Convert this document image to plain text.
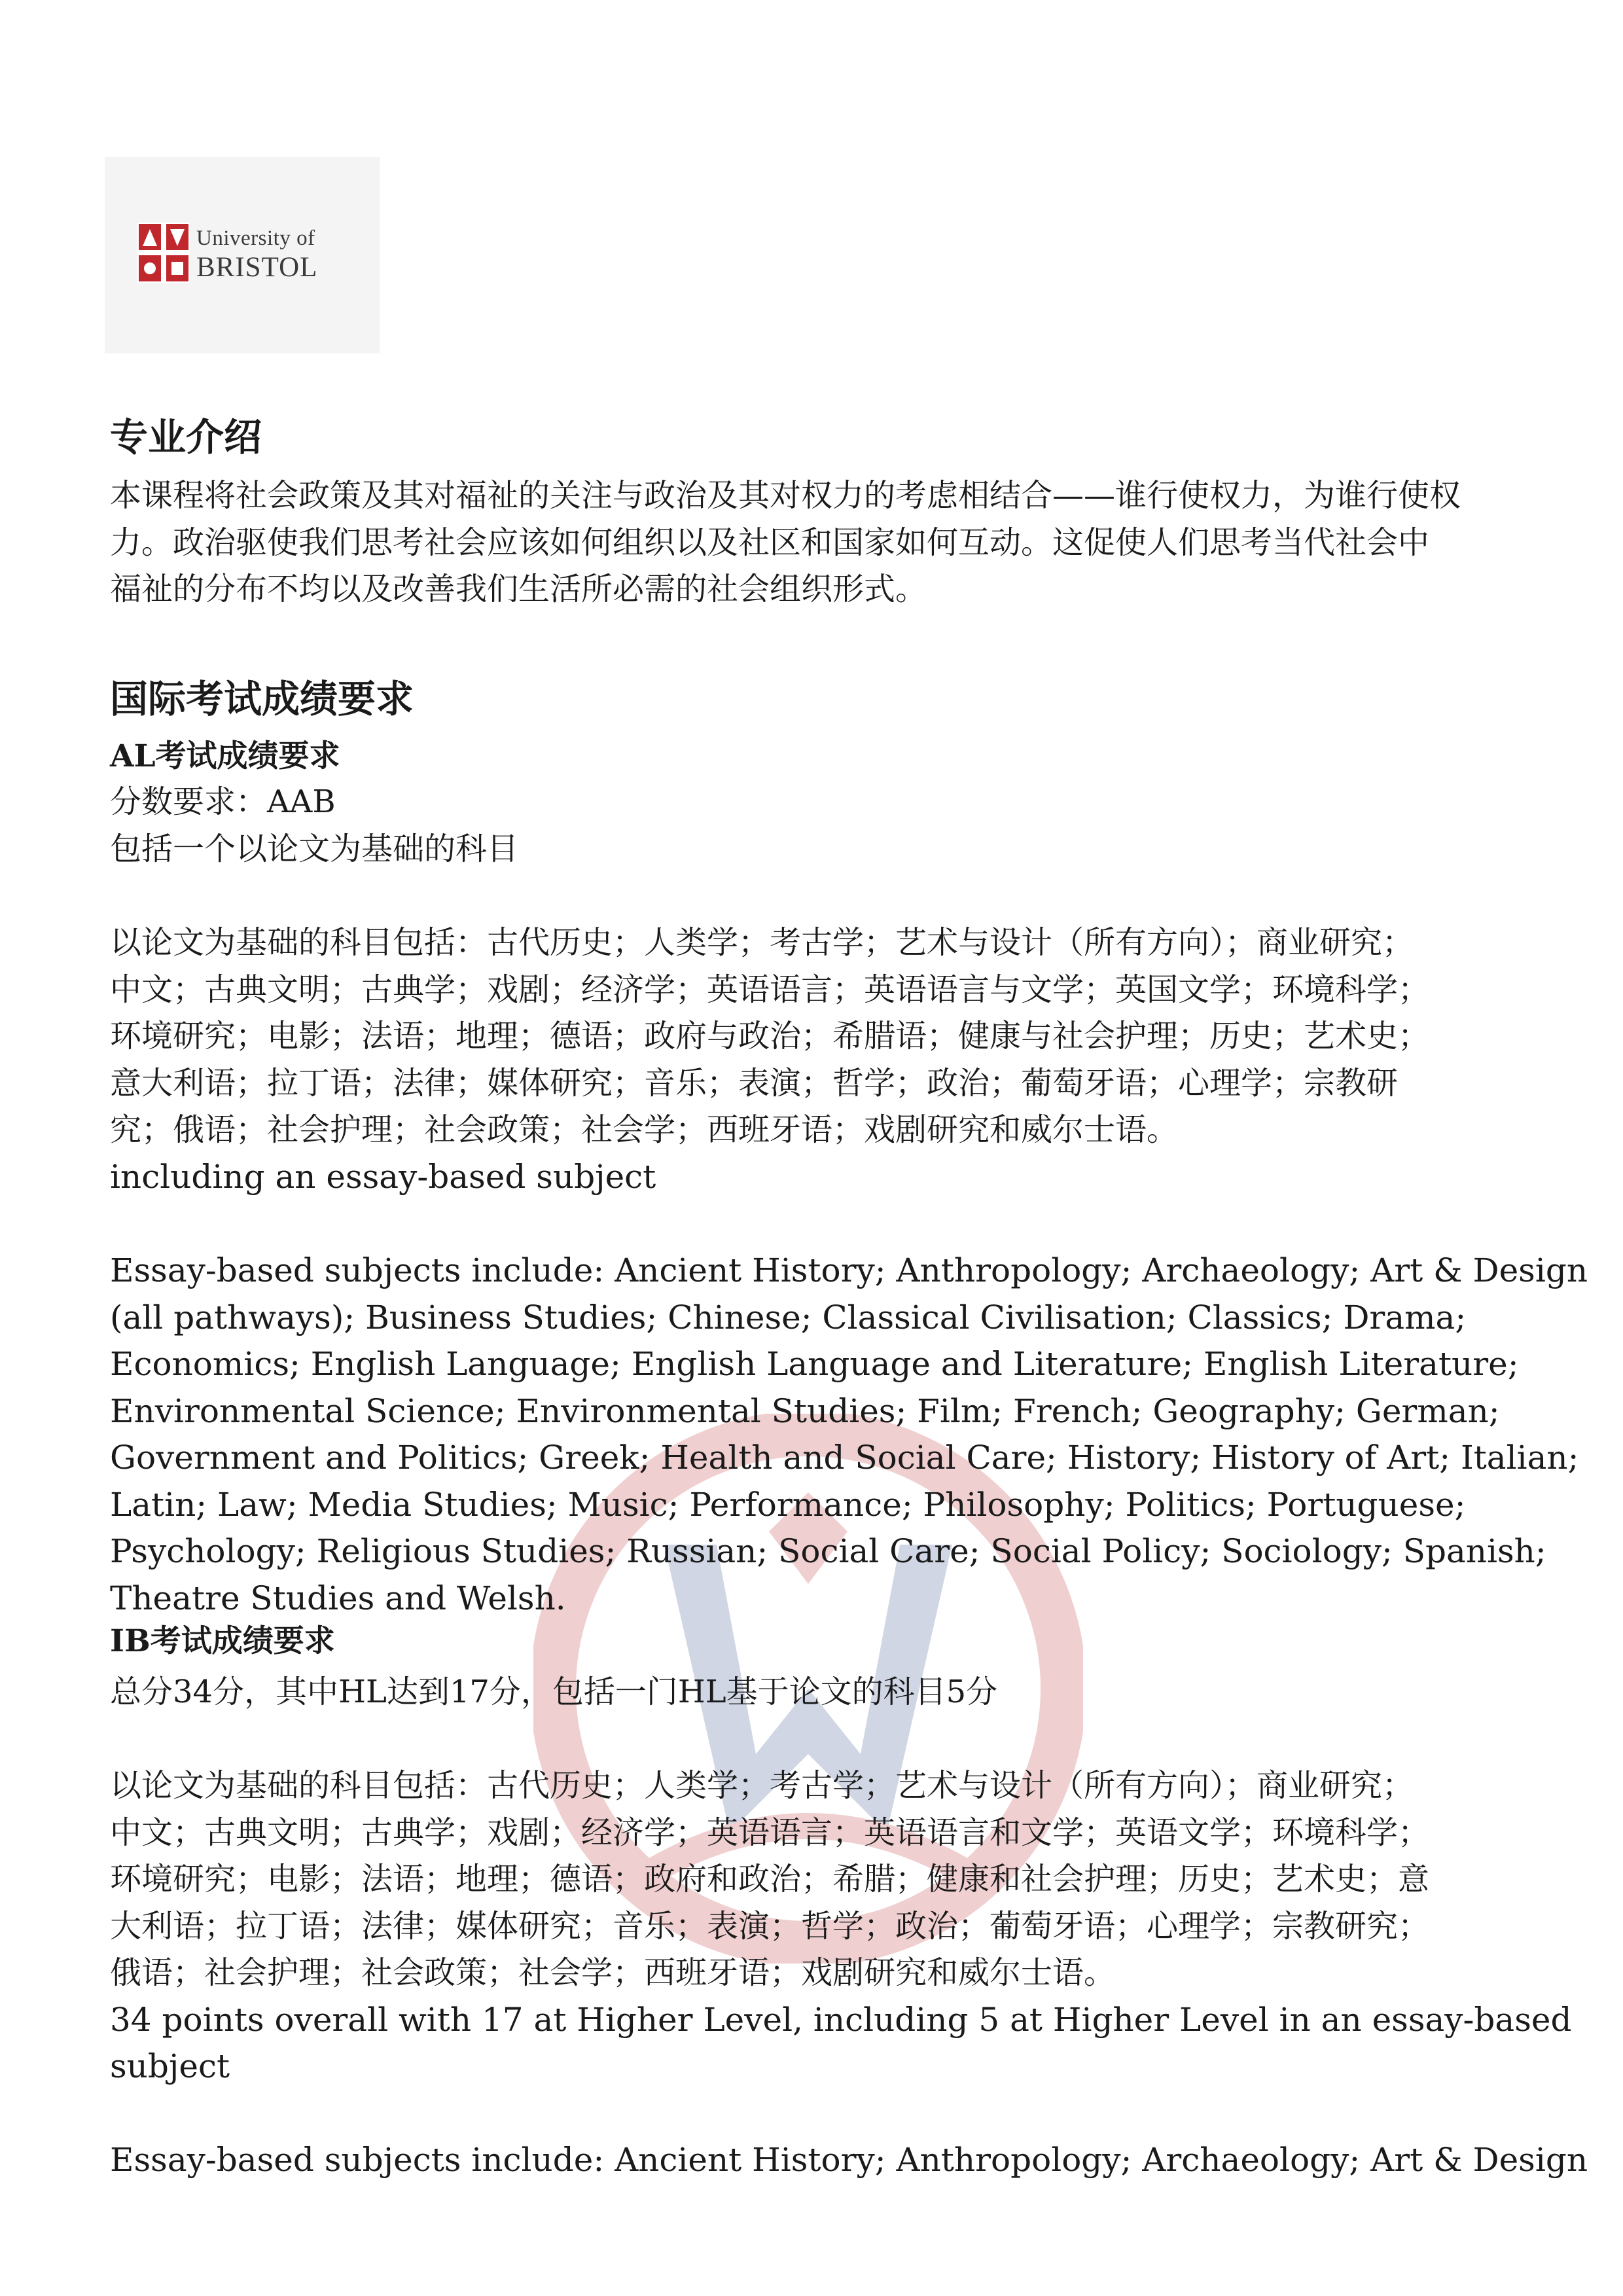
University of
BRISTOL
专业介绍

本课程将社会政策及其对福祉的关注与政治及其对权力的考虑相结合——谁行使权力，为谁行使权

力。政治驱使我们思考社会应该如何组织以及社区和国家如何互动。这促使人们思考当代社会中

福祉的分布不均以及改善我们生活所必需的社会组织形式。

国际考试成绩要求
AL考试成绩要求

分数要求：AAB

包括一个以论文为基础的科目

以论文为基础的科目包括：古代历史；人类学；考古学；艺术与设计（所有方向）；商业研究；

中文；古典文明；古典学；戏剧；经济学；英语语言；英语语言与文学；英国文学；环境科学；

环境研究；电影；法语；地理；德语；政府与政治；希腊语；健康与社会护理；历史；艺术史；

意大利语；拉丁语；法律；媒体研究；音乐；表演；哲学；政治；葡萄牙语；心理学；宗教研

究；俄语；社会护理；社会政策；社会学；西班牙语；戏剧研究和威尔士语。

including an essay-based subject

Essay-based subjects include: Ancient History; Anthropology; Archaeology; Art & Design

(all pathways); Business Studies; Chinese; Classical Civilisation; Classics; Drama;

Economics; English Language; English Language and Literature; English Literature;

Environmental Science; Environmental Studies; Film; French; Geography; German;

Government and Politics; Greek; Health and Social Care; History; History of Art; Italian;

Latin; Law; Media Studies; Music; Performance; Philosophy; Politics; Portuguese;

Psychology; Religious Studies; Russian; Social Care; Social Policy; Sociology; Spanish;

Theatre Studies and Welsh.

IB考试成绩要求

总分34分，其中HL达到17分，包括一门HL基于论文的科目5分

以论文为基础的科目包括：古代历史；人类学；考古学；艺术与设计（所有方向）；商业研究；

中文；古典文明；古典学；戏剧；经济学；英语语言；英语语言和文学；英语文学；环境科学；

环境研究；电影；法语；地理；德语；政府和政治；希腊；健康和社会护理；历史；艺术史；意

大利语；拉丁语；法律；媒体研究；音乐；表演；哲学；政治；葡萄牙语；心理学；宗教研究；

俄语；社会护理；社会政策；社会学；西班牙语；戏剧研究和威尔士语。

34 points overall with 17 at Higher Level, including 5 at Higher Level in an essay-based

subject

Essay-based subjects include: Ancient History; Anthropology; Archaeology; Art & Design
